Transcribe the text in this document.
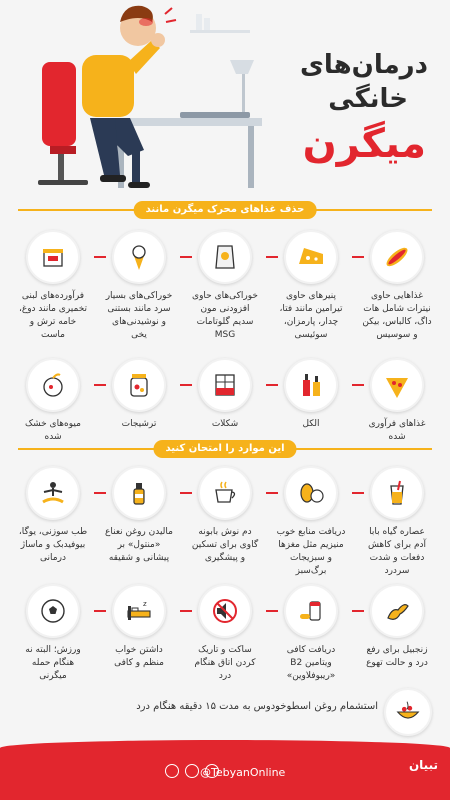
درمان‌های
خانگی
میگرن
حذف غذاهای محرک میگرن مانند
غذاهایی حاوی نیترات شامل هات داگ، کالباس، بیکن و سوسیس
پنیرهای حاوی تیرامین مانند فتا، چدار، پارمزان، سوئیسی
خوراکی‌های حاوی افزودنی مون سدیم گلوتامات MSG
خوراکی‌های بسیار سرد مانند بستنی و نوشیدنی‌های یخی
فرآورده‌های لبنی تخمیری مانند دوغ، خامه ترش و ماست
غذاهای فرآوری شده
الکل
شکلات
ترشیجات
میوه‌های خشک شده
این موارد را امتحان کنید
عصاره گیاه بابا آدم برای کاهش دفعات و شدت سردرد
دریافت منابع خوب منیزیم مثل مغزها و سبزیجات برگ‌سبز
دم نوش بابونه گاوی برای تسکین و پیشگیری
مالیدن روغن نعناع «منتول» بر پیشانی و شقیقه
طب سوزنی، یوگا، بیوفیدبک و ماساژ درمانی
زنجبیل برای رفع درد و حالت تهوع
دریافت کافی ویتامین B2 «ریبوفلاوین»
ساکت و تاریک کردن اتاق هنگام درد
z
داشتن خواب منظم و کافی
ورزش؛ البته نه هنگام حمله میگرنی
استشمام روغن اسطوخودوس به مدت ۱۵ دقیقه هنگام درد
تبیان
@TebyanOnline
